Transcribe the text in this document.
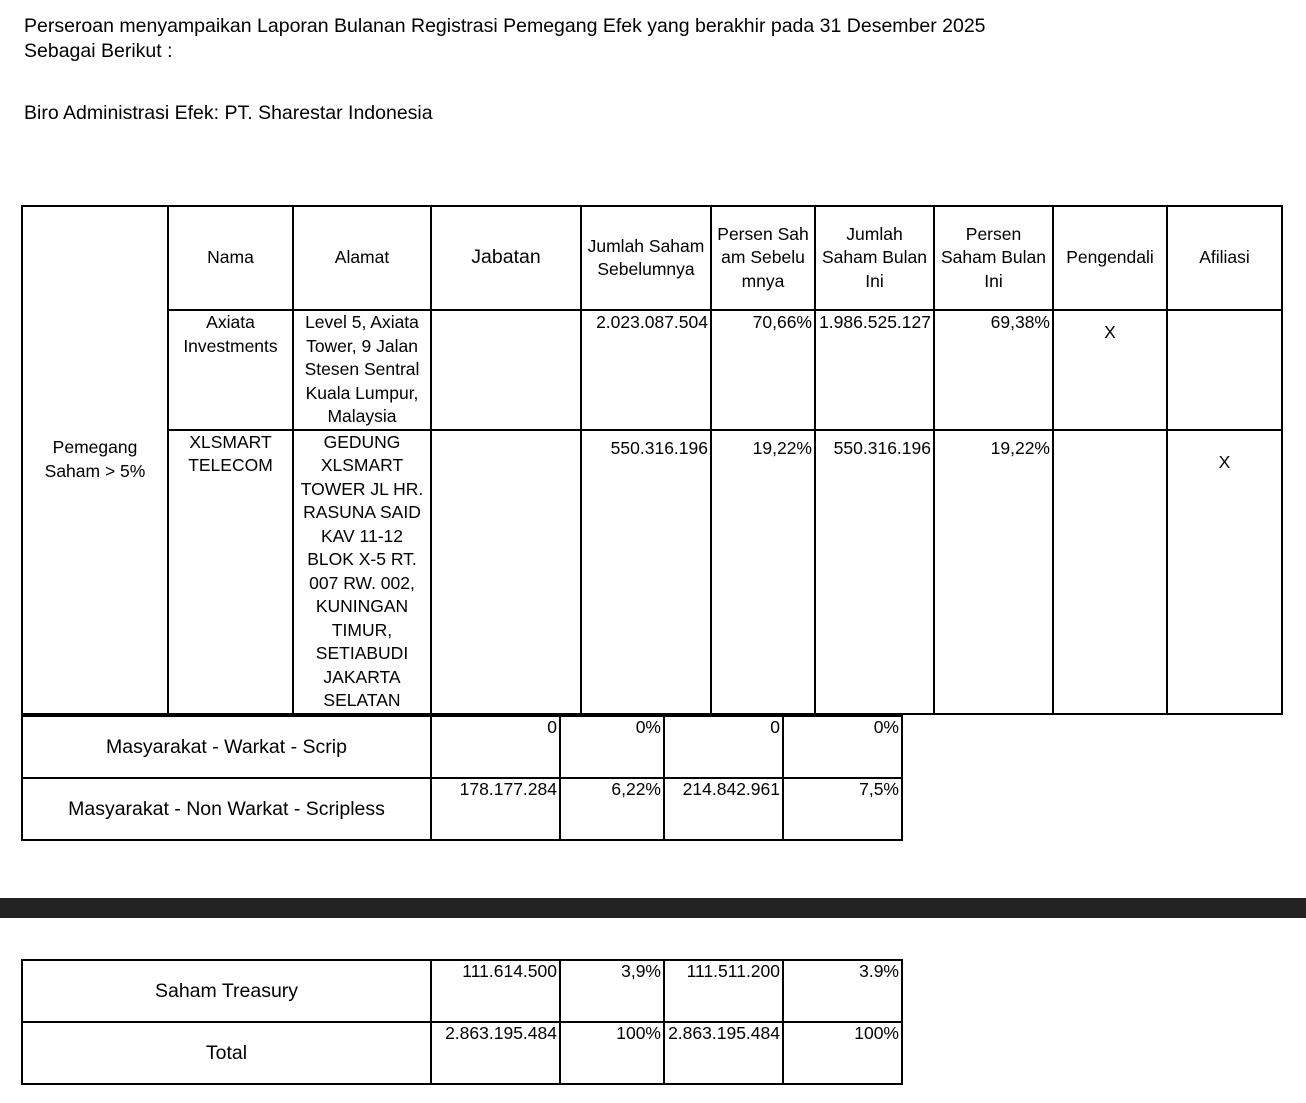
Perseroan menyampaikan Laporan Bulanan Registrasi Pemegang Efek yang berakhir pada 31 Desember 2025
Sebagai Berikut :
Biro Administrasi Efek: PT. Sharestar Indonesia
Pemegang Saham > 5%	Nama	Alamat	Jabatan	Jumlah Saham Sebelumnya	Persen Saham Sebelumnya	Jumlah Saham Bulan Ini	Persen Saham Bulan Ini	Pengendali	Afiliasi
	Axiata Investments	Level 5, Axiata Tower, 9 Jalan Stesen Sentral Kuala Lumpur, Malaysia		2.023.087.504	70,66%	1.986.525.127	69,38%	X	
	XLSMART TELECOM	GEDUNG XLSMART TOWER JL HR. RASUNA SAID KAV 11-12 BLOK X-5 RT. 007 RW. 002, KUNINGAN TIMUR, SETIABUDI JAKARTA SELATAN		550.316.196	19,22%	550.316.196	19,22%		X
Masyarakat - Warkat - Scrip	0	0%	0	0%
Masyarakat - Non Warkat - Scripless	178.177.284	6,22%	214.842.961	7,5%
Saham Treasury	111.614.500	3,9%	111.511.200	3.9%
Total	2.863.195.484	100%	2.863.195.484	100%
